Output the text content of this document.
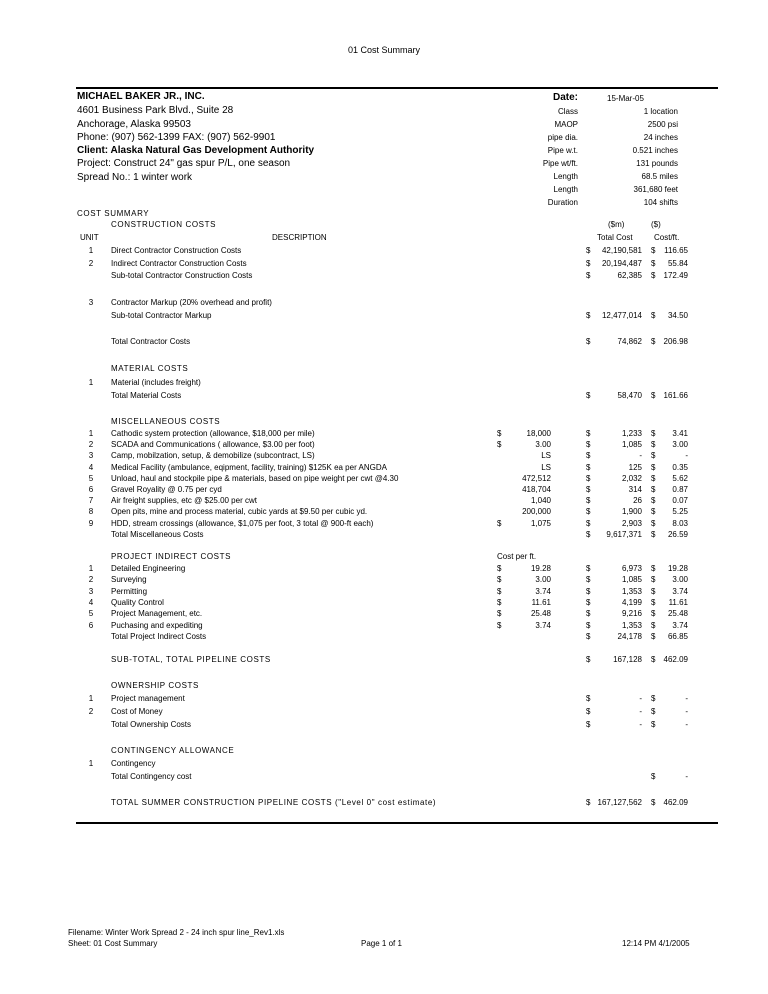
01 Cost Summary
MICHAEL BAKER JR., INC.
4601 Business Park Blvd., Suite 28
Anchorage, Alaska 99503
Phone: (907) 562-1399 FAX: (907) 562-9901
Client: Alaska Natural Gas Development Authority
Project: Construct 24" gas spur P/L, one season
Spread No.: 1 winter work
Date:	15-Mar-05
Class	1 location
MAOP	2500 psi
pipe dia.	24 inches
Pipe w.t.	0.521 inches
Pipe wt/ft.	131 pounds
Length	68.5 miles
Length	361,680 feet
Duration	104 shifts
COST SUMMARY
CONSTRUCTION COSTS	($m)	($)
UNIT	DESCRIPTION	Total Cost	Cost/ft.
1	Direct Contractor Construction Costs	$	42,190,581 $	116.65
2	Indirect Contractor Construction Costs	$	20,194,487 $	55.84
Sub-total Contractor Construction Costs	$	62,385 $	172.49
3	Contractor Markup (20% overhead and profit)
Sub-total Contractor Markup	$	12,477,014 $	34.50
Total Contractor Costs	$	74,862 $	206.98
MATERIAL COSTS
1	Material (includes freight)
Total Material Costs	$	58,470 $	161.66
MISCELLANEOUS COSTS
1	Cathodic system protection (allowance, $18,000 per mile)	$	18,000	$	1,233 $	3.41
2	SCADA and Communications ( allowance, $3.00 per foot)	$	3.00	$	1,085 $	3.00
3	Camp, mobilzation, setup, & demobilize (subcontract, LS)	LS	$	- $	-
4	Medical Facility (ambulance, eqipment, facility, training) $125K ea per ANGDA	LS	$	125 $	0.35
5	Unload, haul and stockpile pipe & materials, based on pipe weight per cwt @4.30	472,512	$	2,032 $	5.62
6	Gravel Royality @ 0.75 per cyd	418,704	$	314 $	0.87
7	Air freight supplies, etc @ $25.00 per cwt	1,040	$	26 $	0.07
8	Open pits, mine and process material, cubic yards at $9.50 per cubic yd.	200,000	$	1,900 $	5.25
9	HDD, stream crossings (allowance, $1,075 per foot, 3 total @ 900-ft each)	$	1,075	$	2,903 $	8.03
Total Miscellaneous Costs	$	9,617,371 $	26.59
PROJECT INDIRECT COSTS	Cost per ft.
1	Detailed Engineering	$	19.28	$	6,973 $	19.28
2	Surveying	$	3.00	$	1,085 $	3.00
3	Permitting	$	3.74	$	1,353 $	3.74
4	Quality Control	$	11.61	$	4,199 $	11.61
5	Project Management, etc.	$	25.48	$	9,216 $	25.48
6	Puchasing and expediting	$	3.74	$	1,353 $	3.74
Total Project Indirect Costs	$	24,178 $	66.85
SUB-TOTAL, TOTAL PIPELINE COSTS	$	167,128 $	462.09
OWNERSHIP COSTS
1	Project management	$	- $	-
2	Cost of Money	$	- $	-
Total Ownership Costs	$	- $	-
CONTINGENCY ALLOWANCE
1	Contingency
Total Contingency cost	$	-
TOTAL SUMMER CONSTRUCTION PIPELINE COSTS ("Level 0" cost estimate)	$ 167,127,562 $	462.09
Filename: Winter Work Spread 2 - 24 inch spur line_Rev1.xls
Sheet: 01 Cost Summary	Page 1 of 1	12:14 PM 4/1/2005
